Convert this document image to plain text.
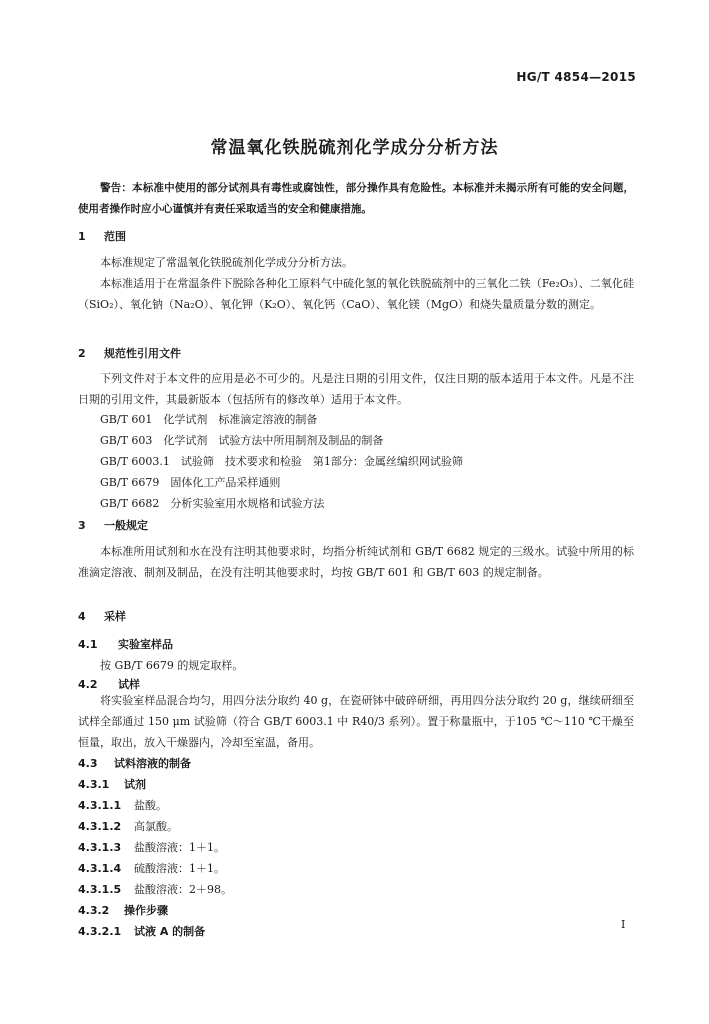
HG/T 4854—2015
常温氧化铁脱硫剂化学成分分析方法
警告：本标准中使用的部分试剂具有毒性或腐蚀性，部分操作具有危险性。本标准并未揭示所有可能的安全问题，使用者操作时应小心谨慎并有责任采取适当的安全和健康措施。
1 范围
本标准规定了常温氧化铁脱硫剂化学成分分析方法。
本标准适用于在常温条件下脱除各种化工原料气中硫化氢的氧化铁脱硫剂中的三氧化二铁（Fe₂O₃）、二氧化硅（SiO₂）、氧化钠（Na₂O）、氧化钾（K₂O）、氧化钙（CaO）、氧化镁（MgO）和烧失量质量分数的测定。
2 规范性引用文件
下列文件对于本文件的应用是必不可少的。凡是注日期的引用文件，仅注日期的版本适用于本文件。凡是不注日期的引用文件，其最新版本（包括所有的修改单）适用于本文件。
GB/T 601　化学试剂　标准滴定溶液的制备
GB/T 603　化学试剂　试验方法中所用制剂及制品的制备
GB/T 6003.1　试验筛　技术要求和检验　第1部分：金属丝编织网试验筛
GB/T 6679　固体化工产品采样通则
GB/T 6682　分析实验室用水规格和试验方法
3 一般规定
本标准所用试剂和水在没有注明其他要求时，均指分析纯试剂和 GB/T 6682 规定的三级水。试验中所用的标准滴定溶液、制剂及制品，在没有注明其他要求时，均按 GB/T 601 和 GB/T 603 的规定制备。
4 采样
4.1 实验室样品
按 GB/T 6679 的规定取样。
4.2 试样
将实验室样品混合均匀，用四分法分取约 40 g，在瓷研钵中破碎研细，再用四分法分取约 20 g，继续研细至试样全部通过 150 μm 试验筛（符合 GB/T 6003.1 中 R40/3 系列）。置于称量瓶中，于105 ℃～110 ℃干燥至恒量，取出，放入干燥器内，冷却至室温，备用。
4.3 试料溶液的制备
4.3.1 试剂
4.3.1.1 盐酸。
4.3.1.2 高氯酸。
4.3.1.3 盐酸溶液：1＋1。
4.3.1.4 硫酸溶液：1＋1。
4.3.1.5 盐酸溶液：2＋98。
4.3.2 操作步骤
4.3.2.1 试液 A 的制备
I
